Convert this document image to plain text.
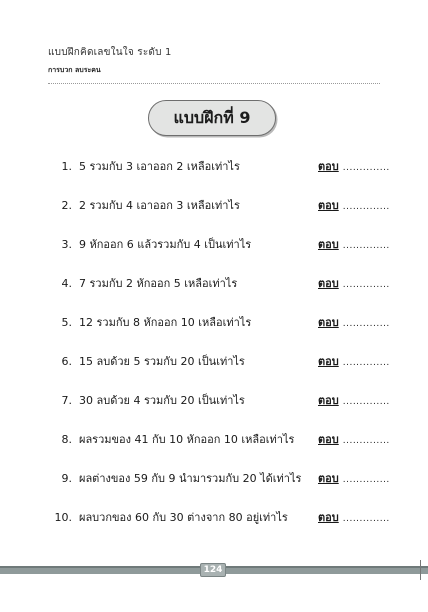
แบบฝึกคิดเลขในใจ ระดับ 1
การบวก ลบระคน
แบบฝึกที่ 9
1. 5 รวมกับ 3 เอาออก 2 เหลือเท่าไร	ตอบ ..............
2. 2 รวมกับ 4 เอาออก 3 เหลือเท่าไร	ตอบ ..............
3. 9 หักออก 6 แล้วรวมกับ 4 เป็นเท่าไร	ตอบ ..............
4. 7 รวมกับ 2 หักออก 5 เหลือเท่าไร	ตอบ ..............
5. 12 รวมกับ 8 หักออก 10 เหลือเท่าไร	ตอบ ..............
6. 15 ลบด้วย 5 รวมกับ 20 เป็นเท่าไร	ตอบ ..............
7. 30 ลบด้วย 4 รวมกับ 20 เป็นเท่าไร	ตอบ ..............
8. ผลรวมของ 41 กับ 10 หักออก 10 เหลือเท่าไร ตอบ ..............
9. ผลต่างของ 59 กับ 9 นำมารวมกับ 20 ได้เท่าไร ตอบ ..............
10. ผลบวกของ 60 กับ 30 ต่างจาก 80 อยู่เท่าไร	ตอบ ..............
124
